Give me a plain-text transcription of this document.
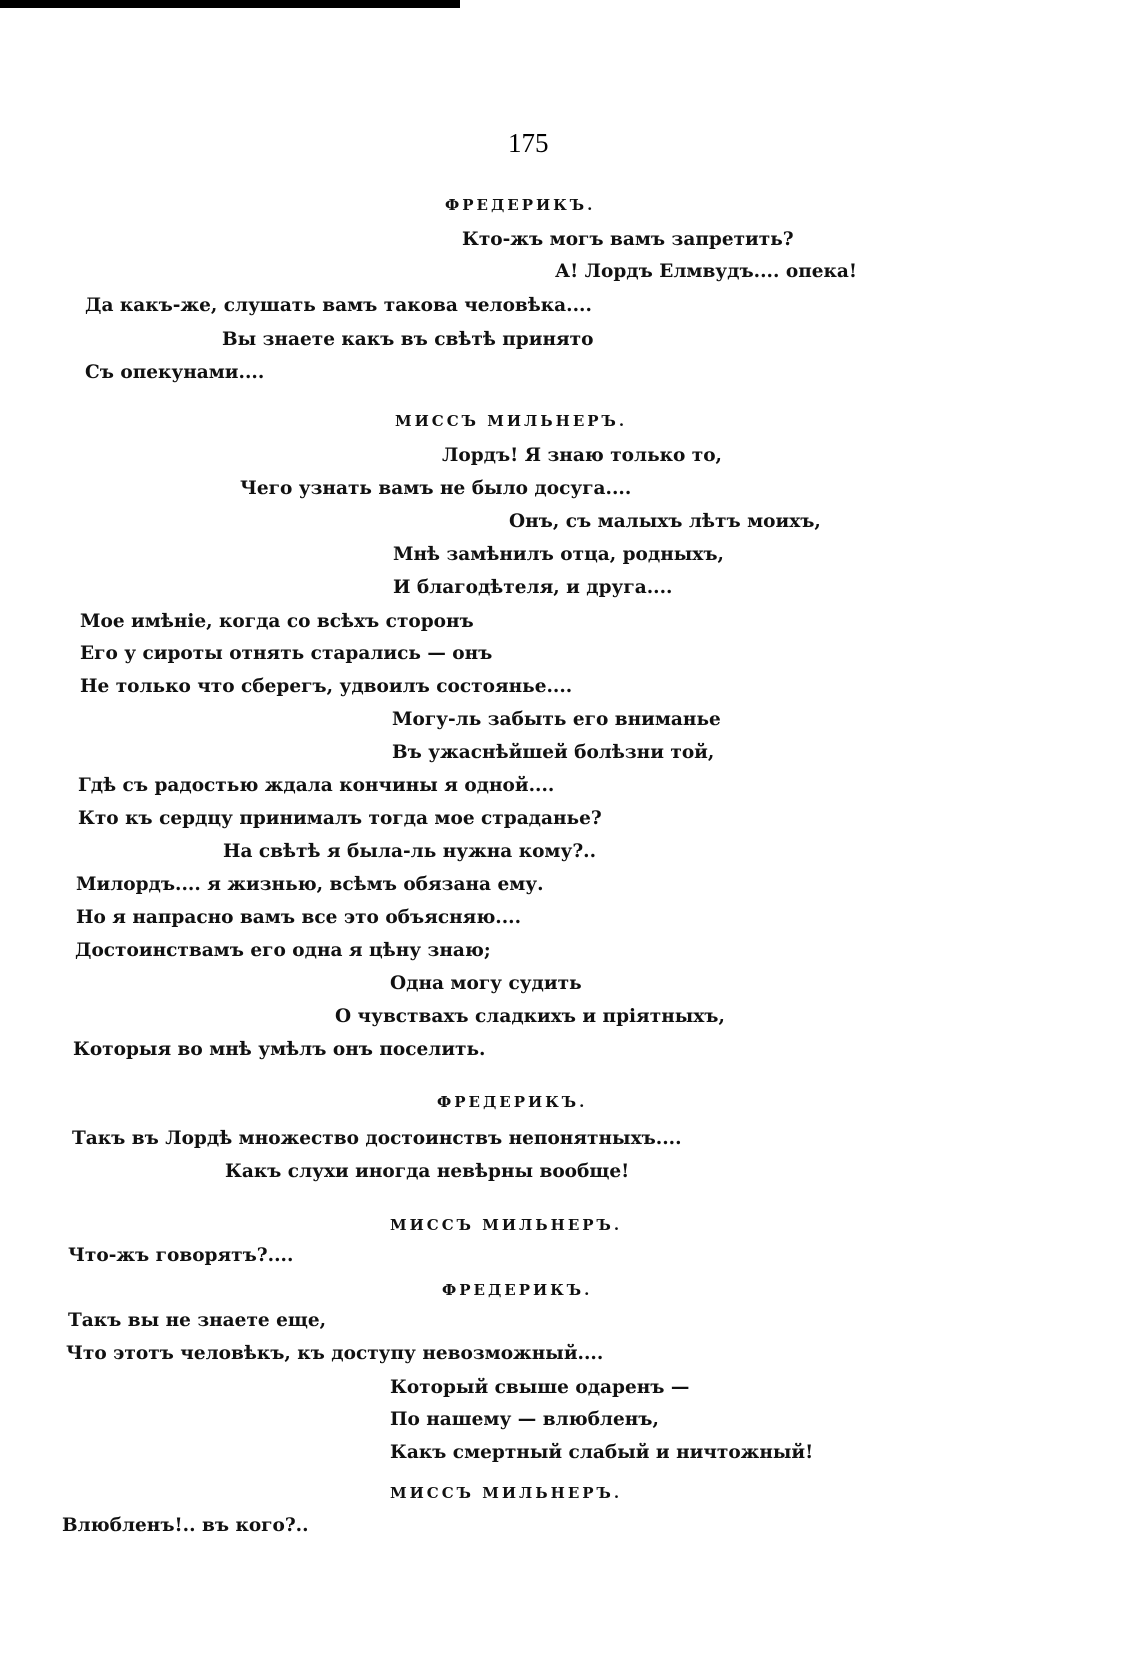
175
ФРЕДЕРИКЪ.
Кто-жъ могъ вамъ запретить?
А! Лордъ Елмвудъ.... опека!
Да какъ-же, слушать вамъ такова человѣка....
Вы знаете какъ въ свѣтѣ принято
Съ опекунами....
МИССЪ МИЛЬНЕРЪ.
Лордъ! Я знаю только то,
Чего узнать вамъ не было досуга....
Онъ, съ малыхъ лѣтъ моихъ,
Мнѣ замѣнилъ отца, родныхъ,
И благодѣтеля, и друга....
Мое имѣніе, когда со всѣхъ сторонъ
Его у сироты отнять старались — онъ
Не только что сберегъ, удвоилъ состоянье....
Могу-ль забыть его вниманье
Въ ужаснѣйшей болѣзни той,
Гдѣ съ радостью ждала кончины я одной....
Кто къ сердцу принималъ тогда мое страданье?
На свѣтѣ я была-ль нужна кому?..
Милордъ.... я жизнью, всѣмъ обязана ему.
Но я напрасно вамъ все это объясняю....
Достоинствамъ его одна я цѣну знаю;
Одна могу судить
О чувствахъ сладкихъ и пріятныхъ,
Которыя во мнѣ умѣлъ онъ поселить.
ФРЕДЕРИКЪ.
Такъ въ Лордѣ множество достоинствъ непонятныхъ....
Какъ слухи иногда невѣрны вообще!
МИССЪ МИЛЬНЕРЪ.
Что-жъ говорятъ?....
ФРЕДЕРИКЪ.
Такъ вы не знаете еще,
Что этотъ человѣкъ, къ доступу невозможный....
Который свыше одаренъ —
По нашему — влюбленъ,
Какъ смертный слабый и ничтожный!
МИССЪ МИЛЬНЕРЪ.
Влюбленъ!.. въ кого?..
